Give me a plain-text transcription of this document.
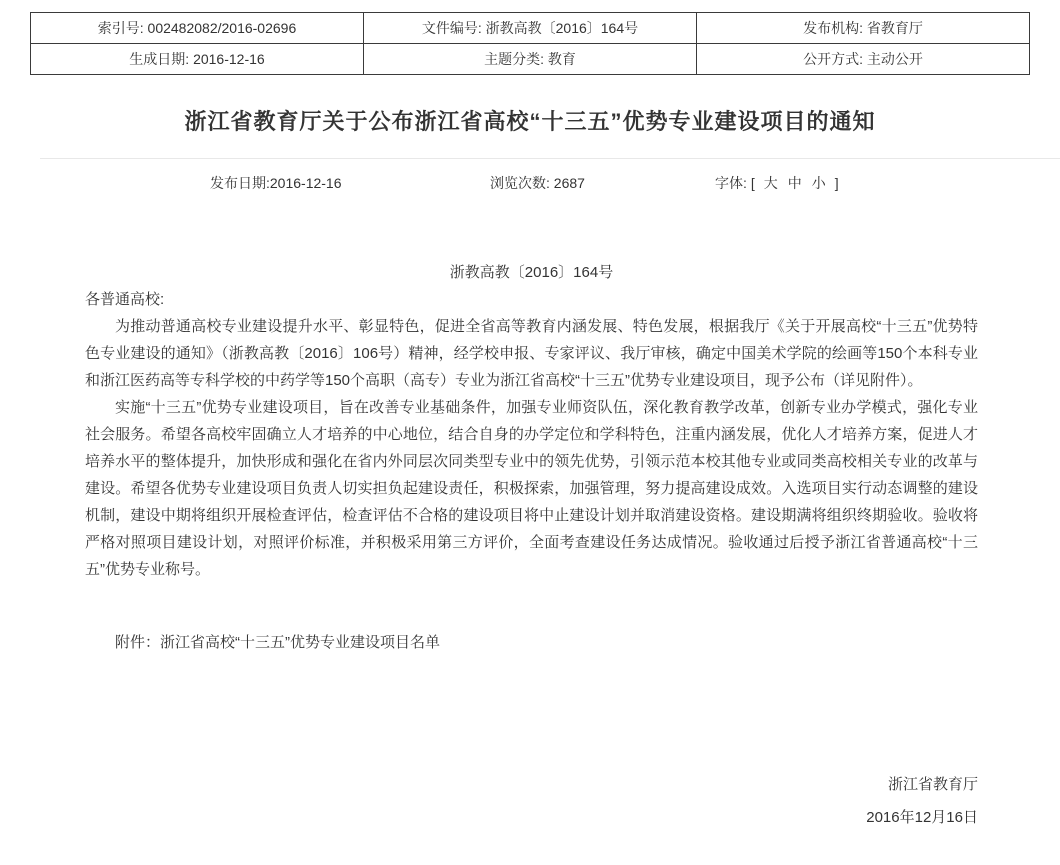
索引号: 002482082/2016-02696	文件编号: 浙教高教〔2016〕164号	发布机构: 省教育厅
生成日期: 2016-12-16	主题分类: 教育	公开方式: 主动公开
浙江省教育厅关于公布浙江省高校“十三五”优势专业建设项目的通知
发布日期:2016-12-16	浏览次数: 2687	字体: [ 大 中 小 ]

浙教高教〔2016〕164号

各普通高校:

为推动普通高校专业建设提升水平、彰显特色，促进全省高等教育内涵发展、特色发展，根据我厅《关于开展高校“十三五”优势特色专业建设的通知》（浙教高教〔2016〕106号）精神，经学校申报、专家评议、我厅审核，确定中国美术学院的绘画等150个本科专业和浙江医药高等专科学校的中药学等150个高职（高专）专业为浙江省高校“十三五”优势专业建设项目，现予公布（详见附件）。

实施“十三五”优势专业建设项目，旨在改善专业基础条件，加强专业师资队伍，深化教育教学改革，创新专业办学模式，强化专业社会服务。希望各高校牢固确立人才培养的中心地位，结合自身的办学定位和学科特色，注重内涵发展，优化人才培养方案，促进人才培养水平的整体提升，加快形成和强化在省内外同层次同类型专业中的领先优势，引领示范本校其他专业或同类高校相关专业的改革与建设。希望各优势专业建设项目负责人切实担负起建设责任，积极探索，加强管理，努力提高建设成效。入选项目实行动态调整的建设机制，建设中期将组织开展检查评估，检查评估不合格的建设项目将中止建设计划并取消建设资格。建设期满将组织终期验收。验收将严格对照项目建设计划，对照评价标准，并积极采用第三方评价，全面考查建设任务达成情况。验收通过后授予浙江省普通高校“十三五”优势专业称号。

附件：浙江省高校“十三五”优势专业建设项目名单

浙江省教育厅

2016年12月16日
